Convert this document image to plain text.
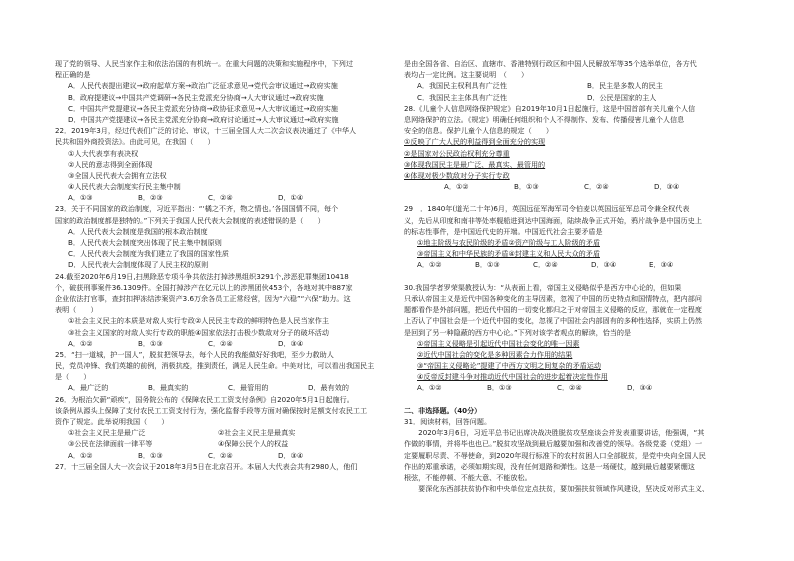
现了党的领导、人民当家作主和依法治国的有机统一。在重大问题的决策和实施程序中，下列过
程正确的是
A．人民代表提出建议→政府起草方案→政治广泛征求意见→党代会审议通过→政府实施
B．政府提建议→中国共产党调研→各民主党派充分协商→人大审议通过→政府实施
C．中国共产党提建议→各民主党派充分协商→政协征求意见→人大审议通过→政府实施
D．中国共产党提建议→各民主党派充分协商→政府讨论通过→人大审议通过→政府实施
22．2019年3月，经过代表们广泛的讨论、审议，十三届全国人大二次会议表决通过了《中华人
民共和国外商投资法》。由此可见，在我国（　　）
①人大代表享有表决权
②人民的意志得到全面体现
③全国人民代表大会拥有立法权
④人民代表大会制度实行民主集中制
A．①③	B．②③	C．②④	D．①④
23．关于不同国家的政治制度，习近平指出：“‘橘之不齐，物之情也。’各国国情不同，每个
国家的政治制度都是独特的。”下列关于我国人民代表大会制度的表述错误的是（　　）
A．人民代表大会制度是我国的根本政治制度
B．人民代表大会制度突出体现了民主集中制原则
C．人民代表大会制度为我们建立了我国的国家性质
D．人民代表大会制度体现了人民主权的原则
24.截至2020年6月19日,扫黑除恶专项斗争共依法打掉涉黑组织3291个,涉恶犯罪集团10418
个，破获刑事案件36.1309件。全国打掉涉产在亿元以上的涉黑团伙453个，各地对其中887家
企业依法打官事，查封扣押冻结涉案资产3.6万余各员工正常经营，因为“六稳”“六保”助力。这
表明（　　）
①社会主义民主的本质是对敌人实行专政②人民民主专政的鲜明特色是人民当家作主
③社会主义国家的对敌人实行专政的职能④国家依法打击极少数敌对分子的破坏活动
A．①②	B．①③	C．②④	D．③④
25．“扫一道城，护一国人”，脱贫把领导去，每个人民的我能做好好我吧，至少力救助人
民，党员冲锋、我们英雄的前例，消极抗疫，推到责任，满足人民生命。中美对比，可以看出我国民主
是（　　）
A．最广泛的	B．最真实的	C．最管用的	D．最有效的
26．为根治欠薪“顽疾”，国务院公布的《保障农民工工资支付条例》自2020年5月1日起施行。
该条例从源头上保障了支付农民工工资支付行为，强化监督手段等方面对确保按时足额支付农民工工
资作了规定。此举说明我国（　　）
①社会主义民主是最广泛	②社会主义民主是最真实
③公民在法律面前一律平等	④保障公民个人的权益
A．①②	B．①③	C．②④	D．③④
27．十三届全国人大一次会议于2018年3月5日在北京召开。本届人大代表会共有2980人，他们
是由全国各省、自治区、直辖市、香港特别行政区和中国人民解放军等35个选举单位，各方代
表均占一定比例。这主要说明　（　　）
A．我国民主权利具有广泛性	B．民主是多数人的民主
C．我国民主主体具有广泛性	D．公民是国家的主人
28.《儿童个人信息网络保护规定》自2019年10月1日起施行，这是中国首部有关儿童个人信
息网络保护的立法。《规定》明确任何组织和个人不得制作、发布、传播侵害儿童个人信息
安全的信息。保护儿童个人信息的规定（　　）
①反映了广大人民的利益得到全面充分的实现
②是国家对公民政治权利充分尊重
③体现我国民主是最广泛、最真实、最管用的
④体现对极少数敌对分子实行专政
A．①②	B．①③	C．②④	D．③④
29　．1840年(道光二十年)6月，英国远征军海军司令伯麦以英国远征军总司令兼全权代表
义，先后从印度和南非等处率舰船进到达中国海面，陆续战争正式开始，鸦片战争是中国历史上
的标志性事件，是中国近代史的开端。中国近代社会主要矛盾是
①地主阶级与农民阶级的矛盾②资产阶级与工人阶级的矛盾
③帝国主义和中华民族的矛盾④封建主义和人民大众的矛盾
A．①②	B．①③	C．②④	D．③④	E．③④
30.我国学者罗荣渠教授认为：“从表面上看，帝国主义侵略似乎是西方中心论的，但如果
只承认帝国主义是近代中国各种变化的主导因素，忽视了中国的历史特点和国情特点，把内部问
题都看作是外部问题，把近代中国的一切变化都归之于对帝国主义侵略的反应，那就在一定程度
上否认了中国社会是一个近代中国的变化，忽视了中国社会内部固有的多种性选择，实质上仍然
是回到了另一种隐蔽的西方中心论。”下列对该学者观点的解读，恰当的是
①帝国主义侵略是引起近代中国社会变化的唯一因素
②近代中国社会的变化是多种因素合力作用的结果
③“帝国主义侵略论”提建了中西方文明之间复杂的矛盾运动
④反帝反封建斗争对推动近代中国社会的进步起着决定性作用
A．①②	B．①③	C．②④	D．③④
二、非选择题。（40分）
31．阅读材料，回答问题。
　　2020年3月6日，习近平总书记出席决战决胜脱贫攻坚座谈会并发表重要讲话，他强调，“其
作做的事情，并将毕也也已。”脱贫攻坚战到最后越要加强和改善党的领导。各级党委（党组）一
定要履职尽责、不辱使命，到2020年现行标准下的农村贫困人口全部脱贫，是党中央向全国人民
作出的郑重承诺，必须如期实现，没有任何退路和弹性。这是一场硬仗，越到最后越要紧绷这
根弦，不能停顿、不能大意、不能放松。
　　要深化东西部扶贫协作和中央单位定点扶贫，要加强扶贫领域作风建设，坚决反对形式主义、
